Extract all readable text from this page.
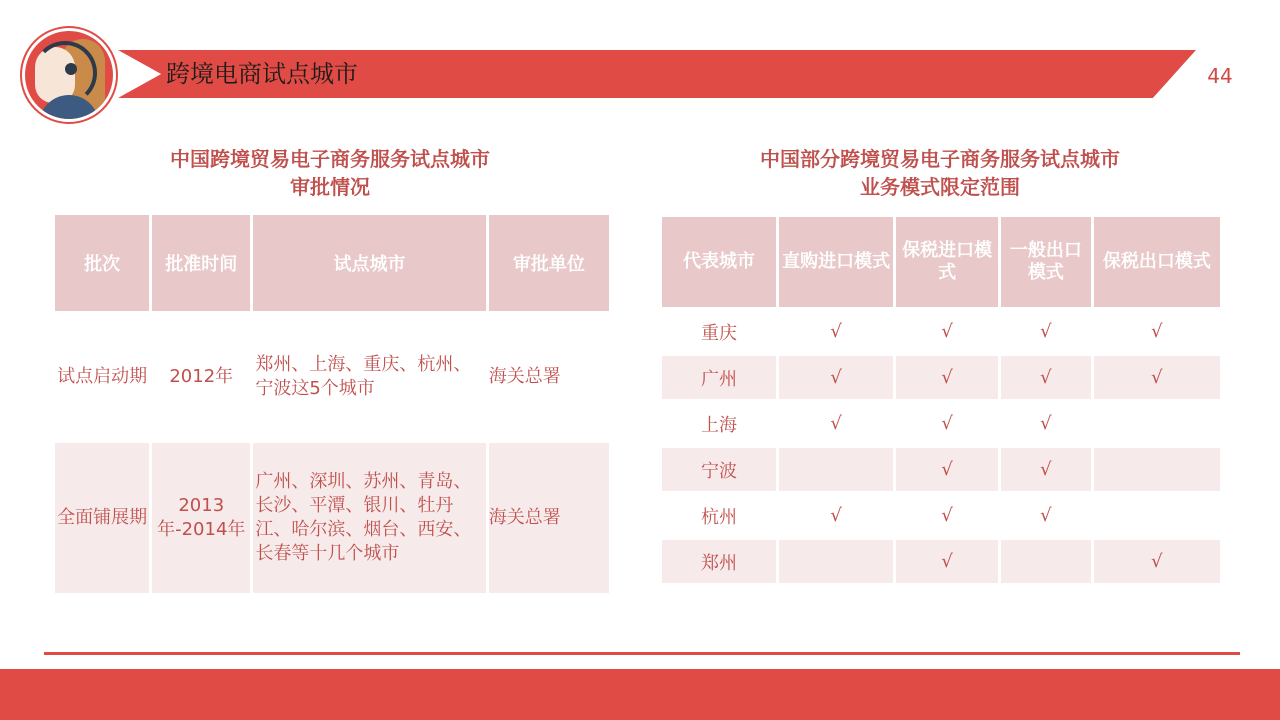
跨境电商试点城市	44
中国跨境贸易电子商务服务试点城市
审批情况
批次	批准时间	试点城市	审批单位
试点启动期	2012年	郑州、上海、重庆、杭州、宁波这5个城市	海关总署
全面铺展期	2013年-2014年	广州、深圳、苏州、青岛、长沙、平潭、银川、牡丹江、哈尔滨、烟台、西安、长春等十几个城市	海关总署
中国部分跨境贸易电子商务服务试点城市
业务模式限定范围
代表城市	直购进口模式	保税进口模式	一般出口模式	保税出口模式
重庆	√	√	√	√
广州	√	√	√	√
上海	√	√	√	
宁波		√	√	
杭州	√	√	√	
郑州		√		√
